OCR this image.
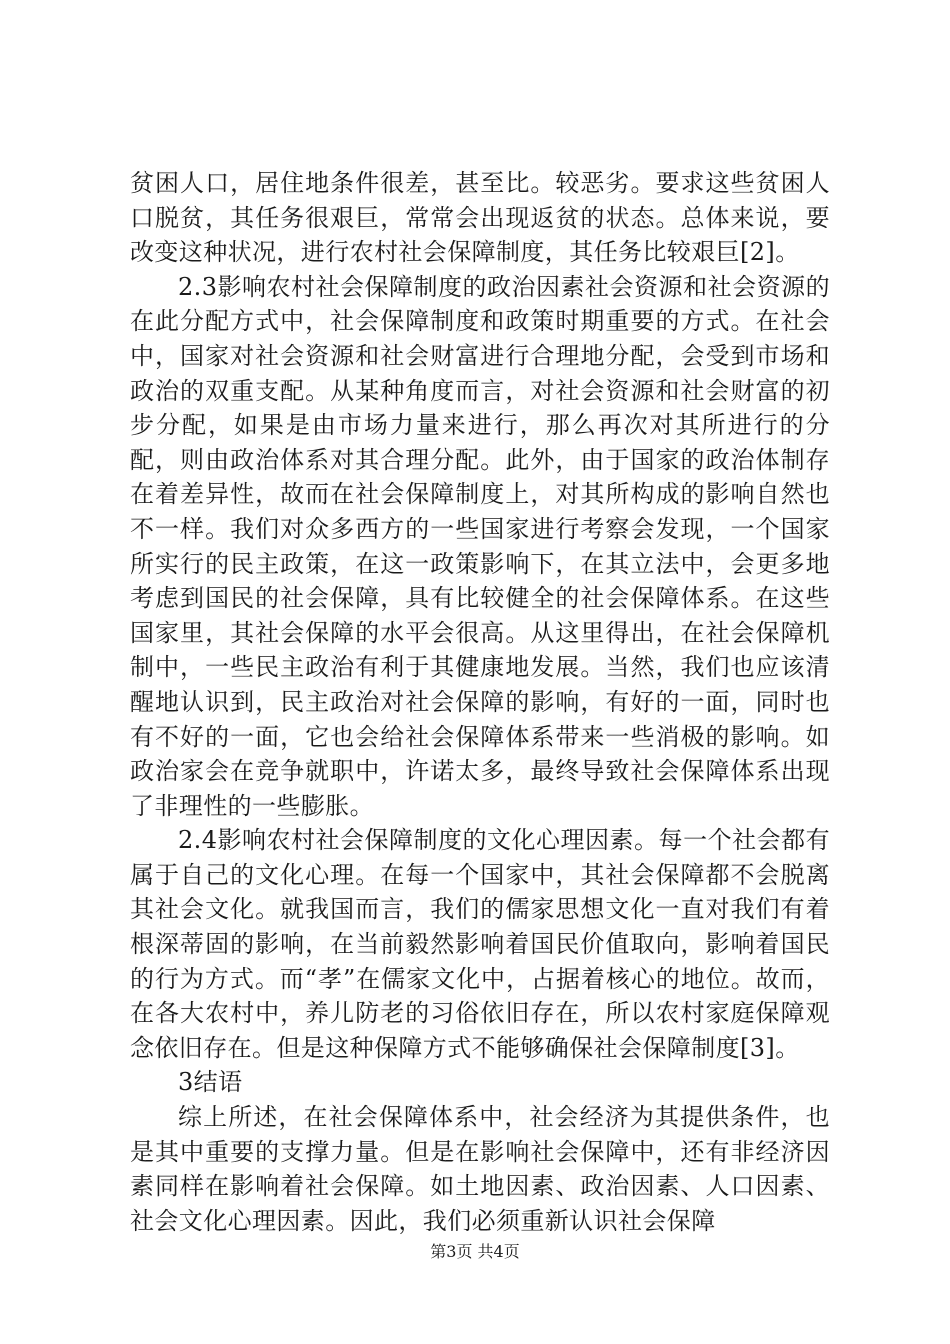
贫困人口，居住地条件很差，甚至比。较恶劣。要求这些贫困人口脱贫，其任务很艰巨，常常会出现返贫的状态。总体来说，要改变这种状况，进行农村社会保障制度，其任务比较艰巨[2]。

2.3影响农村社会保障制度的政治因素社会资源和社会资源的在此分配方式中，社会保障制度和政策时期重要的方式。在社会中，国家对社会资源和社会财富进行合理地分配，会受到市场和政治的双重支配。从某种角度而言，对社会资源和社会财富的初步分配，如果是由市场力量来进行，那么再次对其所进行的分配，则由政治体系对其合理分配。此外，由于国家的政治体制存在着差异性，故而在社会保障制度上，对其所构成的影响自然也不一样。我们对众多西方的一些国家进行考察会发现，一个国家所实行的民主政策，在这一政策影响下，在其立法中，会更多地考虑到国民的社会保障，具有比较健全的社会保障体系。在这些国家里，其社会保障的水平会很高。从这里得出，在社会保障机制中，一些民主政治有利于其健康地发展。当然，我们也应该清醒地认识到，民主政治对社会保障的影响，有好的一面，同时也有不好的一面，它也会给社会保障体系带来一些消极的影响。如政治家会在竞争就职中，许诺太多，最终导致社会保障体系出现了非理性的一些膨胀。

2.4影响农村社会保障制度的文化心理因素。每一个社会都有属于自己的文化心理。在每一个国家中，其社会保障都不会脱离其社会文化。就我国而言，我们的儒家思想文化一直对我们有着根深蒂固的影响，在当前毅然影响着国民价值取向，影响着国民的行为方式。而“孝”在儒家文化中，占据着核心的地位。故而，在各大农村中，养儿防老的习俗依旧存在，所以农村家庭保障观念依旧存在。但是这种保障方式不能够确保社会保障制度[3]。

3结语

综上所述，在社会保障体系中，社会经济为其提供条件，也是其中重要的支撑力量。但是在影响社会保障中，还有非经济因素同样在影响着社会保障。如土地因素、政治因素、人口因素、社会文化心理因素。因此，我们必须重新认识社会保障

第3页 共4页
